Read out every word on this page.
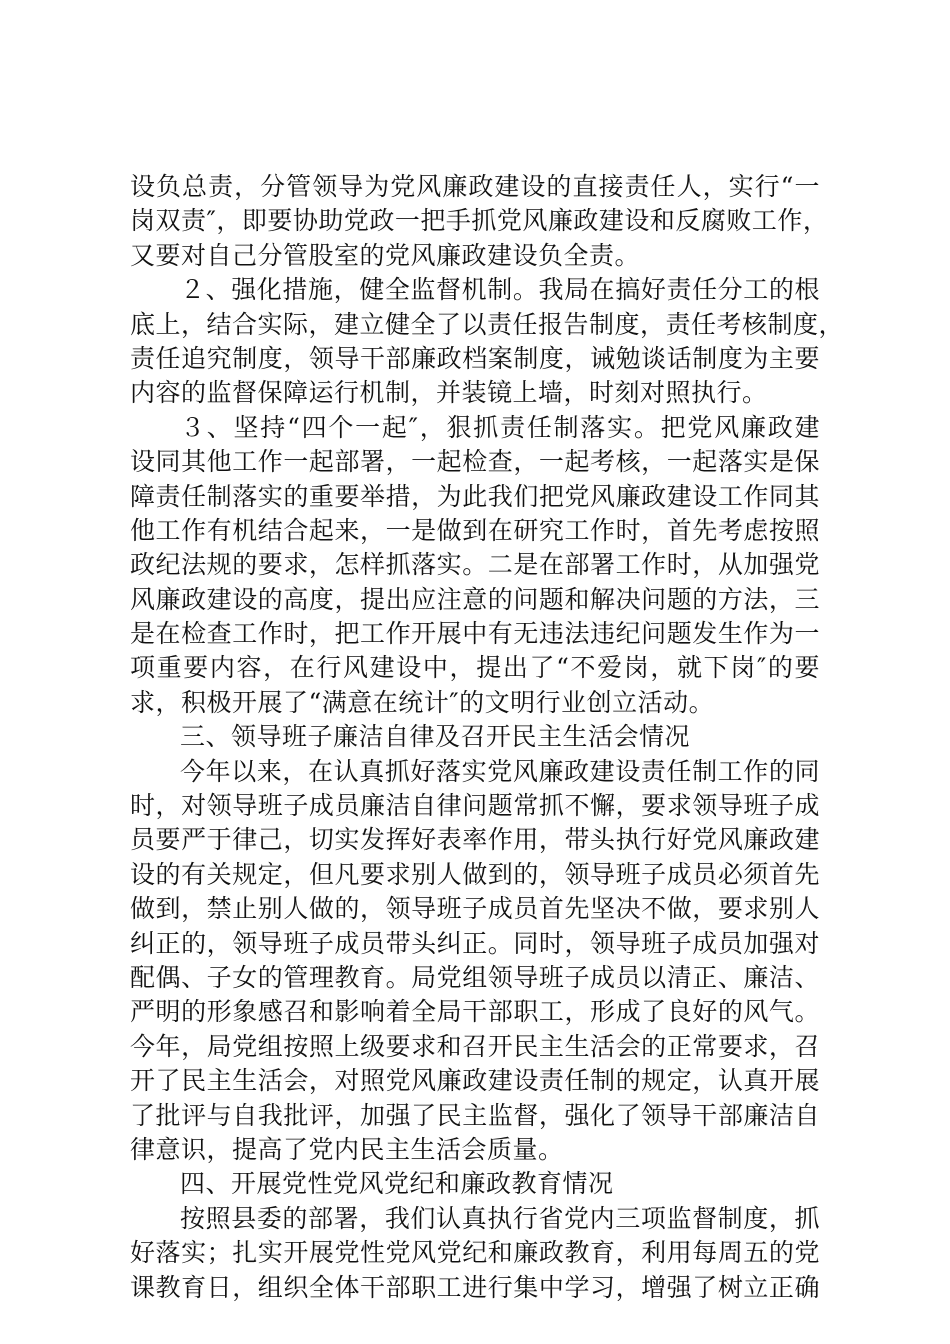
设负总责，分管领导为党风廉政建设的直接责任人，实行“一
岗双责″，即要协助党政一把手抓党风廉政建设和反腐败工作，
又要对自己分管股室的党风廉政建设负全责。
２、强化措施，健全监督机制。我局在搞好责任分工的根
底上，结合实际，建立健全了以责任报告制度，责任考核制度，
责任追究制度，领导干部廉政档案制度，诫勉谈话制度为主要
内容的监督保障运行机制，并装镜上墙，时刻对照执行。
３、坚持“四个一起″，狠抓责任制落实。把党风廉政建
设同其他工作一起部署，一起检查，一起考核，一起落实是保
障责任制落实的重要举措，为此我们把党风廉政建设工作同其
他工作有机结合起来，一是做到在研究工作时，首先考虑按照
政纪法规的要求，怎样抓落实。二是在部署工作时，从加强党
风廉政建设的高度，提出应注意的问题和解决问题的方法，三
是在检查工作时，把工作开展中有无违法违纪问题发生作为一
项重要内容，在行风建设中，提出了“不爱岗，就下岗″的要
求，积极开展了“满意在统计″的文明行业创立活动。
三、领导班子廉洁自律及召开民主生活会情况
今年以来，在认真抓好落实党风廉政建设责任制工作的同
时，对领导班子成员廉洁自律问题常抓不懈，要求领导班子成
员要严于律己，切实发挥好表率作用，带头执行好党风廉政建
设的有关规定，但凡要求别人做到的，领导班子成员必须首先
做到，禁止别人做的，领导班子成员首先坚决不做，要求别人
纠正的，领导班子成员带头纠正。同时，领导班子成员加强对
配偶、子女的管理教育。局党组领导班子成员以清正、廉洁、
严明的形象感召和影响着全局干部职工，形成了良好的风气。
今年，局党组按照上级要求和召开民主生活会的正常要求，召
开了民主生活会，对照党风廉政建设责任制的规定，认真开展
了批评与自我批评，加强了民主监督，强化了领导干部廉洁自
律意识，提高了党内民主生活会质量。
四、开展党性党风党纪和廉政教育情况
按照县委的部署，我们认真执行省党内三项监督制度，抓
好落实；扎实开展党性党风党纪和廉政教育，利用每周五的党
课教育日，组织全体干部职工进行集中学习，增强了树立正确
